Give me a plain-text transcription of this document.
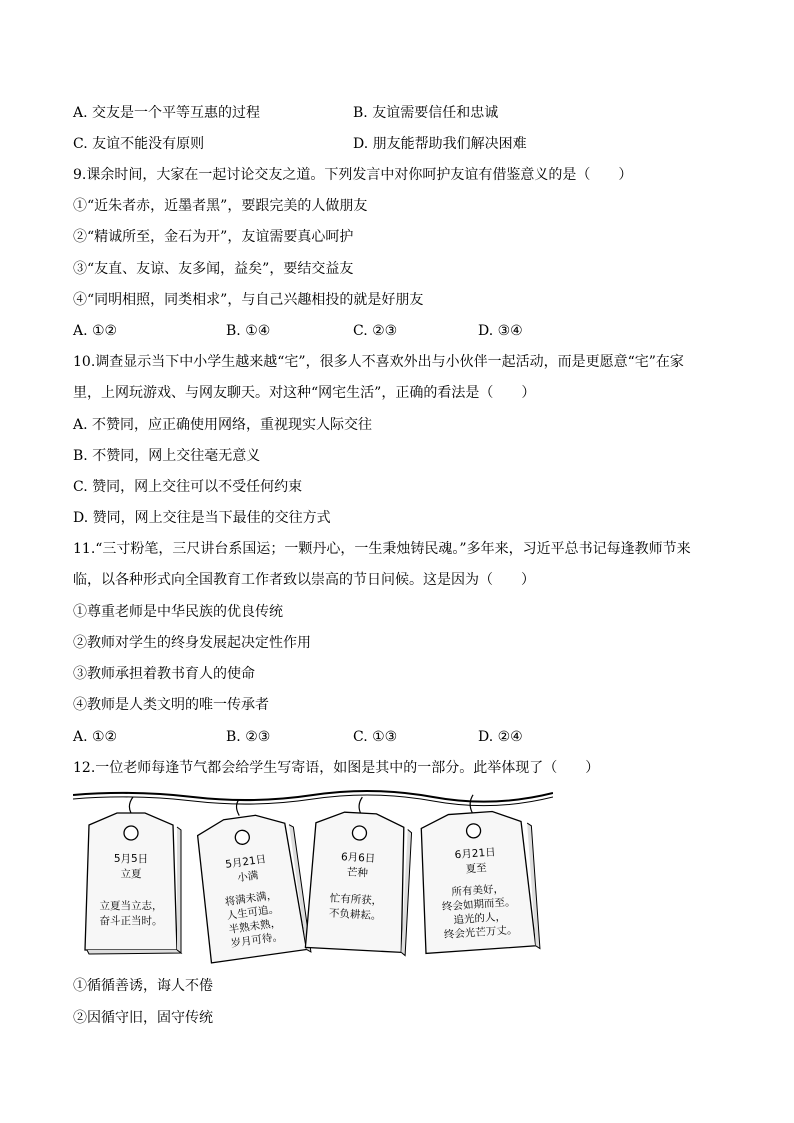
A. 交友是一个平等互惠的过程	B. 友谊需要信任和忠诚
C. 友谊不能没有原则	D. 朋友能帮助我们解决困难
9.课余时间，大家在一起讨论交友之道。下列发言中对你呵护友谊有借鉴意义的是（　　）
①“近朱者赤，近墨者黑”，要跟完美的人做朋友
②“精诚所至，金石为开”，友谊需要真心呵护
③“友直、友谅、友多闻，益矣”，要结交益友
④“同明相照，同类相求”，与自己兴趣相投的就是好朋友
A. ①②	B. ①④	C. ②③	D. ③④
10.调查显示当下中小学生越来越“宅”，很多人不喜欢外出与小伙伴一起活动，而是更愿意“宅”在家
里，上网玩游戏、与网友聊天。对这种“网宅生活”，正确的看法是（　　）
A. 不赞同，应正确使用网络，重视现实人际交往
B. 不赞同，网上交往毫无意义
C. 赞同，网上交往可以不受任何约束
D. 赞同，网上交往是当下最佳的交往方式
11.“三寸粉笔，三尺讲台系国运；一颗丹心，一生秉烛铸民魂。”多年来，习近平总书记每逢教师节来
临，以各种形式向全国教育工作者致以崇高的节日问候。这是因为（　　）
①尊重老师是中华民族的优良传统
②教师对学生的终身发展起决定性作用
③教师承担着教书育人的使命
④教师是人类文明的唯一传承者
A. ①②	B. ②③	C. ①③	D. ②④
12.一位老师每逢节气都会给学生写寄语，如图是其中的一部分。此举体现了（　　）
5月5日
立夏
立夏当立志，
奋斗正当时。
5月21日
小满
将满未满，
人生可追。
半熟未熟，
岁月可待。
6月6日
芒种
忙有所获，
不负耕耘。
6月21日
夏至
所有美好，
终会如期而至。
追光的人，
终会光芒万丈。
①循循善诱，诲人不倦
②因循守旧，固守传统
